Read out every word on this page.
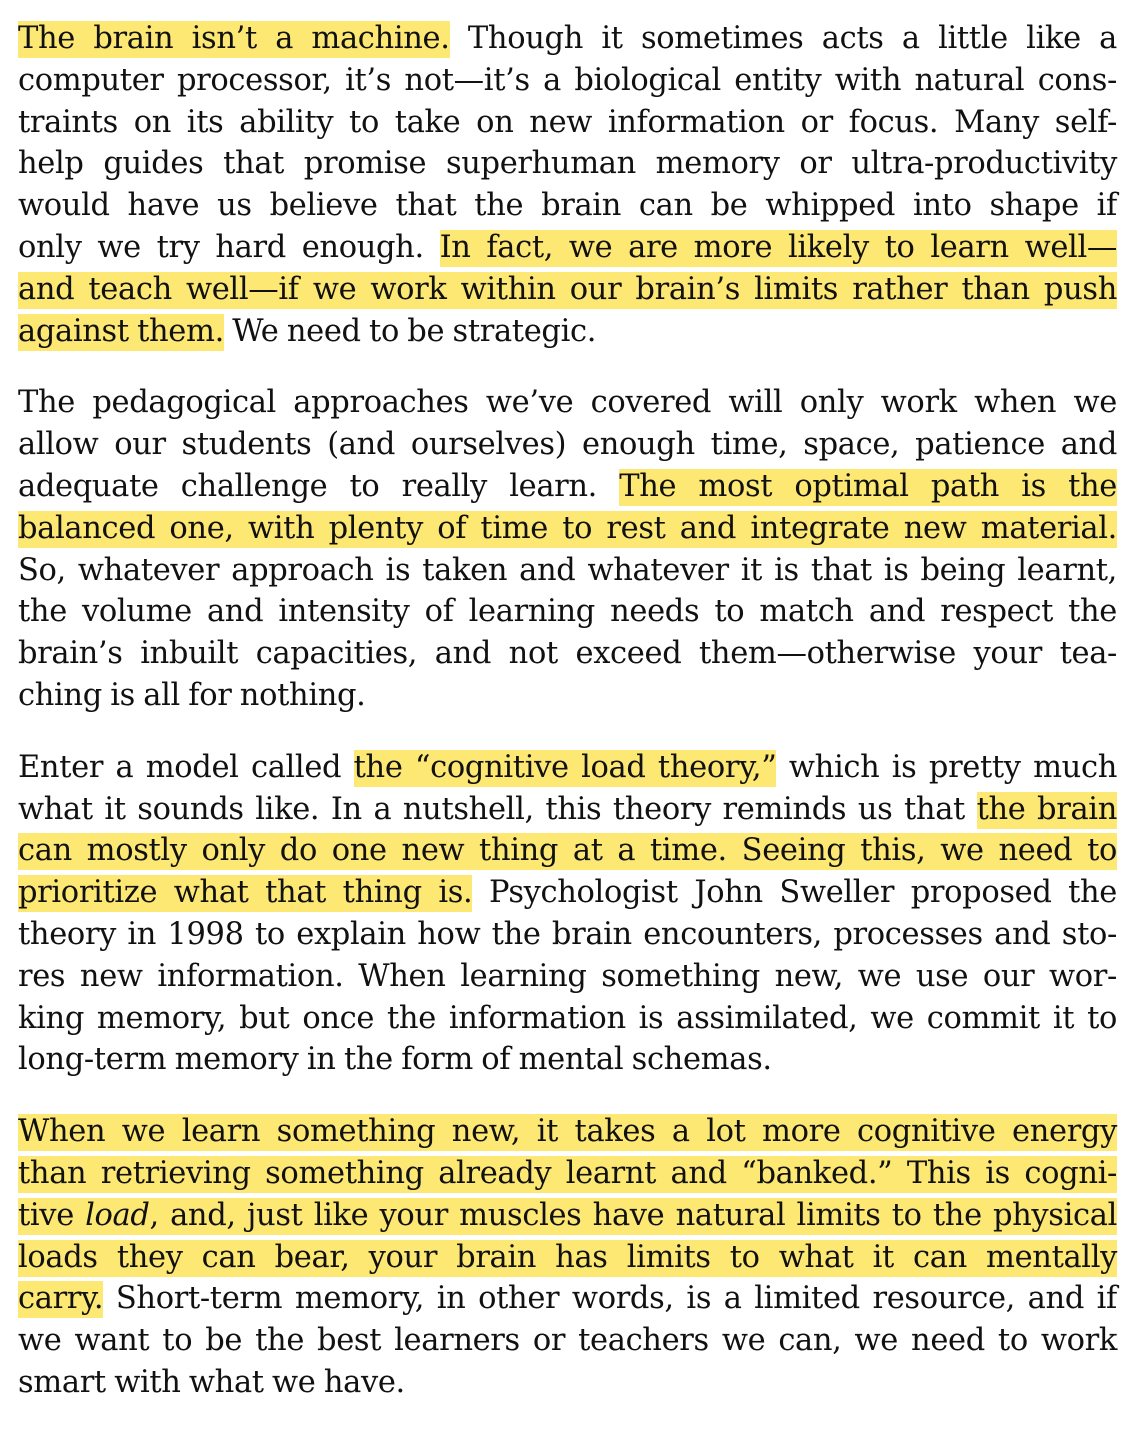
The brain isn’t a machine. Though it sometimes acts a little like a
computer processor, it’s not—it’s a biological entity with natural cons-
traints on its ability to take on new information or focus. Many self-
help guides that promise superhuman memory or ultra-productivity
would have us believe that the brain can be whipped into shape if
only we try hard enough. In fact, we are more likely to learn well—
and teach well—if we work within our brain’s limits rather than push
against them. We need to be strategic.
The pedagogical approaches we’ve covered will only work when we
allow our students (and ourselves) enough time, space, patience and
adequate challenge to really learn. The most optimal path is the
balanced one, with plenty of time to rest and integrate new material.
So, whatever approach is taken and whatever it is that is being learnt,
the volume and intensity of learning needs to match and respect the
brain’s inbuilt capacities, and not exceed them—otherwise your tea-
ching is all for nothing.
Enter a model called the “cognitive load theory,” which is pretty much
what it sounds like. In a nutshell, this theory reminds us that the brain
can mostly only do one new thing at a time. Seeing this, we need to
prioritize what that thing is. Psychologist John Sweller proposed the
theory in 1998 to explain how the brain encounters, processes and sto-
res new information. When learning something new, we use our wor-
king memory, but once the information is assimilated, we commit it to
long-term memory in the form of mental schemas.
When we learn something new, it takes a lot more cognitive energy
than retrieving something already learnt and “banked.” This is cogni-
tive load, and, just like your muscles have natural limits to the physical
loads they can bear, your brain has limits to what it can mentally
carry. Short-term memory, in other words, is a limited resource, and if
we want to be the best learners or teachers we can, we need to work
smart with what we have.
